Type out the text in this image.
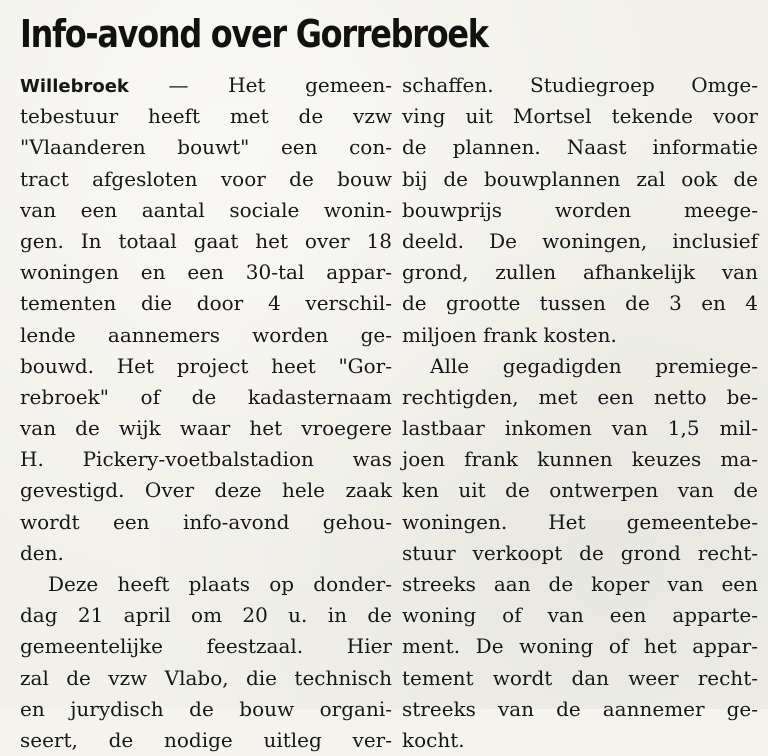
Info-avond over Gorrebroek
Willebroek — Het gemeen-
tebestuur heeft met de vzw
"Vlaanderen bouwt" een con-
tract afgesloten voor de bouw
van een aantal sociale wonin-
gen. In totaal gaat het over 18
woningen en een 30-tal appar-
tementen die door 4 verschil-
lende aannemers worden ge-
bouwd. Het project heet "Gor-
rebroek" of de kadasternaam
van de wijk waar het vroegere
H. Pickery-voetbalstadion was
gevestigd. Over deze hele zaak
wordt een info-avond gehou-
den.
Deze heeft plaats op donder-
dag 21 april om 20 u. in de
gemeentelijke feestzaal. Hier
zal de vzw Vlabo, die technisch
en jurydisch de bouw organi-
seert, de nodige uitleg ver-
schaffen. Studiegroep Omge-
ving uit Mortsel tekende voor
de plannen. Naast informatie
bij de bouwplannen zal ook de
bouwprijs worden meege-
deeld. De woningen, inclusief
grond, zullen afhankelijk van
de grootte tussen de 3 en 4
miljoen frank kosten.
Alle gegadigden premiege-
rechtigden, met een netto be-
lastbaar inkomen van 1,5 mil-
joen frank kunnen keuzes ma-
ken uit de ontwerpen van de
woningen. Het gemeentebe-
stuur verkoopt de grond recht-
streeks aan de koper van een
woning of van een apparte-
ment. De woning of het appar-
tement wordt dan weer recht-
streeks van de aannemer ge-
kocht.
